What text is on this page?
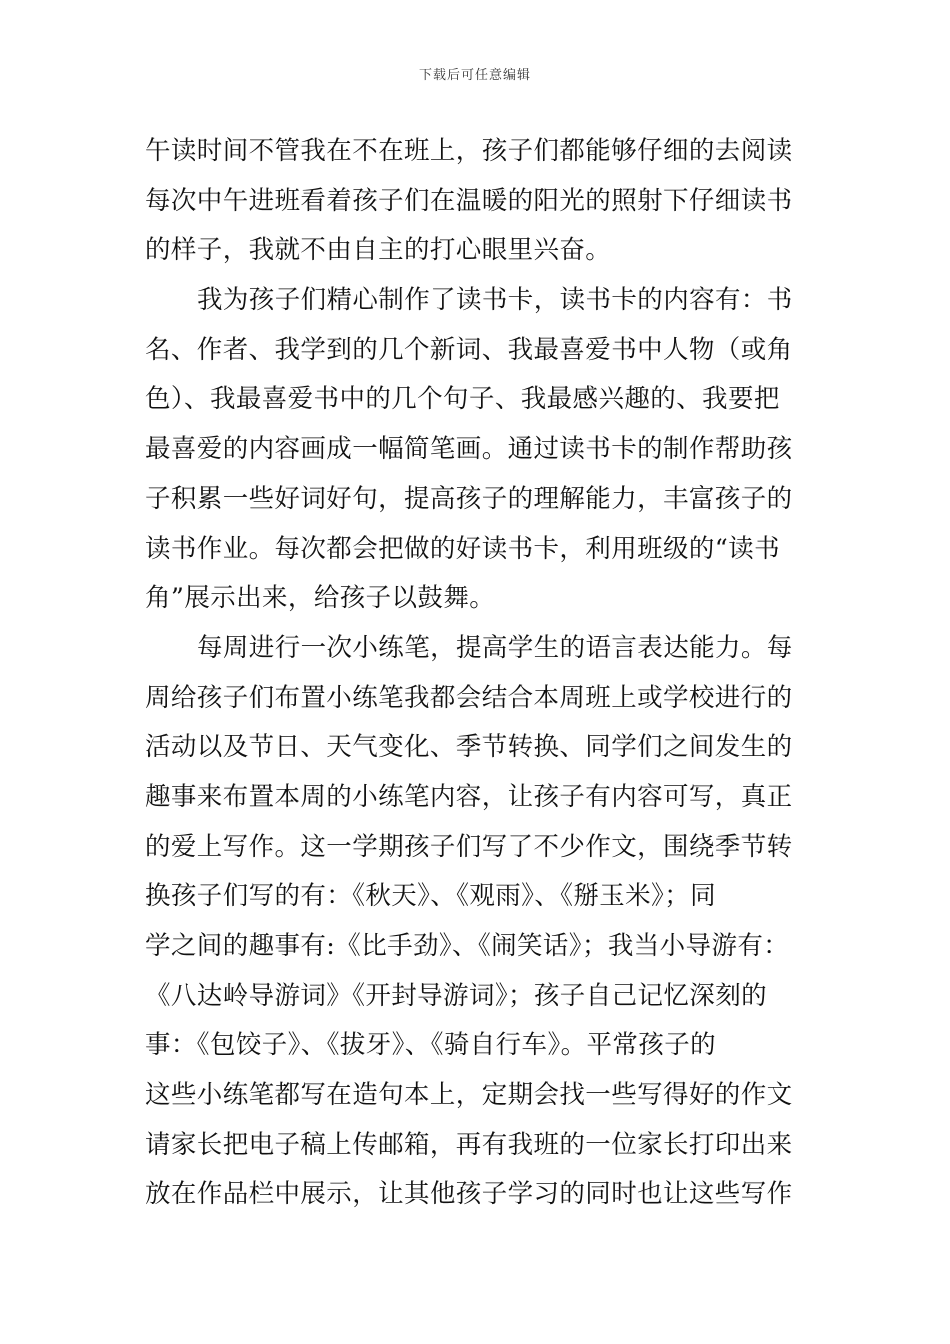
下载后可任意编辑
午读时间不管我在不在班上，孩子们都能够仔细的去阅读
每次中午进班看着孩子们在温暖的阳光的照射下仔细读书
的样子，我就不由自主的打心眼里兴奋。
我为孩子们精心制作了读书卡，读书卡的内容有：书
名、作者、我学到的几个新词、我最喜爱书中人物（或角
色）、我最喜爱书中的几个句子、我最感兴趣的、我要把
最喜爱的内容画成一幅简笔画。通过读书卡的制作帮助孩
子积累一些好词好句，提高孩子的理解能力，丰富孩子的
读书作业。每次都会把做的好读书卡，利用班级的“读书
角”展示出来，给孩子以鼓舞。
每周进行一次小练笔，提高学生的语言表达能力。每
周给孩子们布置小练笔我都会结合本周班上或学校进行的
活动以及节日、天气变化、季节转换、同学们之间发生的
趣事来布置本周的小练笔内容，让孩子有内容可写，真正
的爱上写作。这一学期孩子们写了不少作文，围绕季节转
换孩子们写的有：《秋天》、《观雨》、《掰玉米》；同
学之间的趣事有:《比手劲》、《闹笑话》；我当小导游有：
《八达岭导游词》《开封导游词》；孩子自己记忆深刻的
事：《包饺子》、《拔牙》、《骑自行车》。平常孩子的
这些小练笔都写在造句本上，定期会找一些写得好的作文
请家长把电子稿上传邮箱，再有我班的一位家长打印出来
放在作品栏中展示，让其他孩子学习的同时也让这些写作
